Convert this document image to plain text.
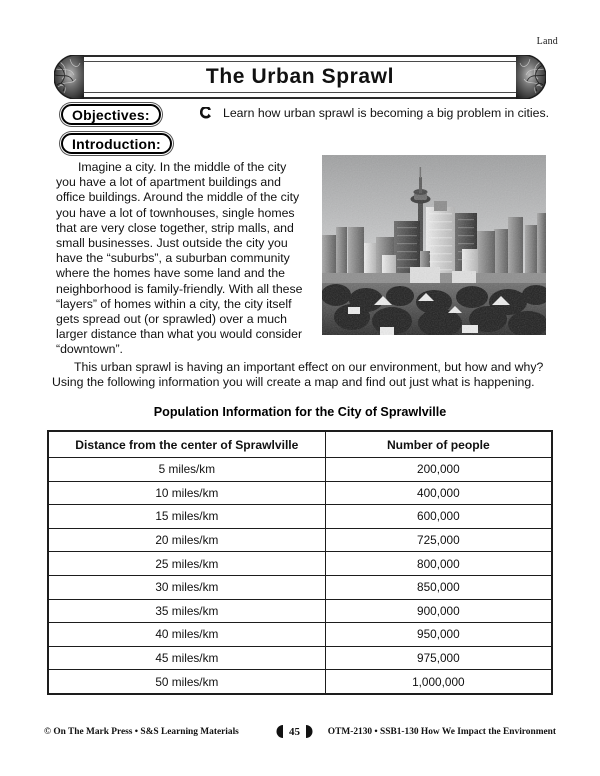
Land
The Urban Sprawl
Objectives:	Learn how urban sprawl is becoming a big problem in cities.
Introduction:
Imagine a city. In the middle of the city you have a lot of apartment buildings and office buildings. Around the middle of the city you have a lot of townhouses, single homes that are very close together, strip malls, and small businesses. Just outside the city you have the “suburbs”, a suburban community where the homes have some land and the neighborhood is family-friendly. With all these “layers” of homes within a city, the city itself gets spread out (or sprawled) over a much larger distance than what you would consider “downtown”.
This urban sprawl is having an important effect on our environment, but how and why? Using the following information you will create a map and find out just what is happening.
Population Information for the City of Sprawlville
Distance from the center of Sprawlville	Number of people
5 miles/km	200,000
10 miles/km	400,000
15 miles/km	600,000
20 miles/km	725,000
25 miles/km	800,000
30 miles/km	850,000
35 miles/km	900,000
40 miles/km	950,000
45 miles/km	975,000
50 miles/km	1,000,000
© On The Mark Press • S&S Learning Materials	45	OTM-2130 • SSB1-130 How We Impact the Environment
